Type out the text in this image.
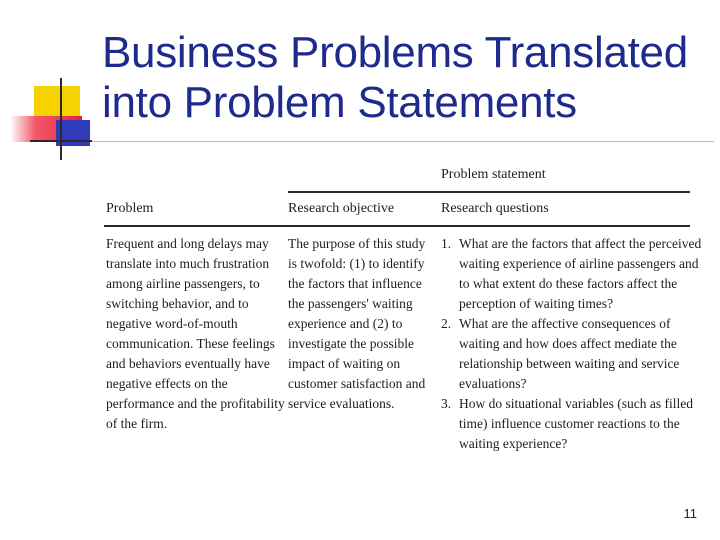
Business Problems Translated
into Problem Statements
Problem statement
Problem	Research objective	Research questions
Frequent and long delays may
translate into much frustration
among airline passengers, to
switching behavior, and to
negative word-of-mouth
communication. These feelings
and behaviors eventually have
negative effects on the
performance and the profitability
of the firm.
The purpose of this study
is twofold: (1) to identify
the factors that influence
the passengers' waiting
experience and (2) to
investigate the possible
impact of waiting on
customer satisfaction and
service evaluations.
1. What are the factors that affect the perceived
waiting experience of airline passengers and
to what extent do these factors affect the
perception of waiting times?
2. What are the affective consequences of
waiting and how does affect mediate the
relationship between waiting and service
evaluations?
3. How do situational variables (such as filled
time) influence customer reactions to the
waiting experience?
11
